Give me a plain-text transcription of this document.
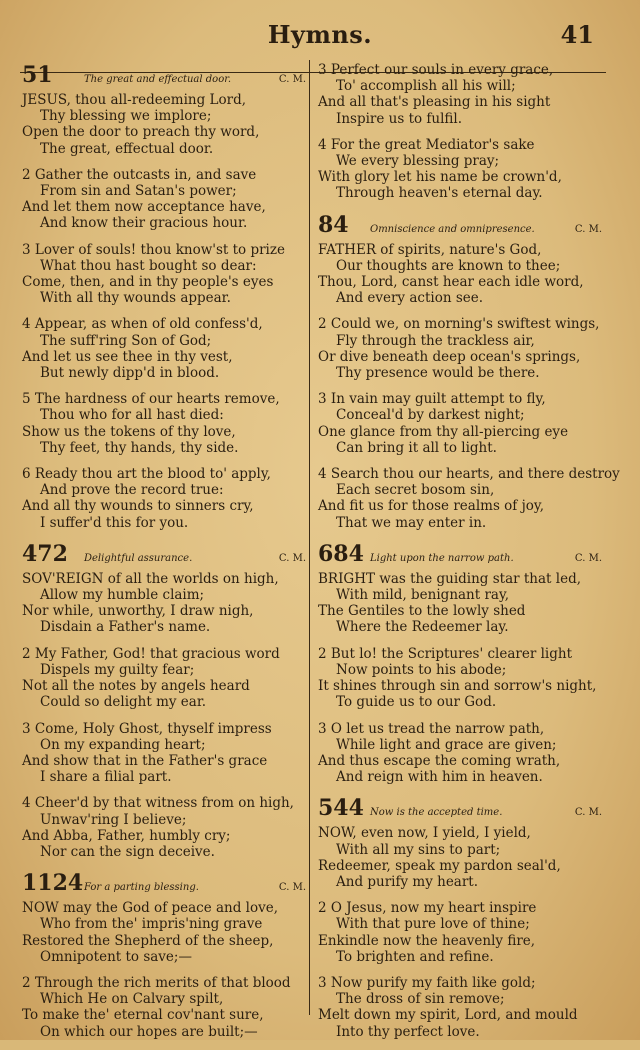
Hymns.	41
51	The great and effectual door.	C. M.
JESUS, thou all-redeeming Lord,
Thy blessing we implore;
Open the door to preach thy word,
The great, effectual door.
2 Gather the outcasts in, and save
From sin and Satan's power;
And let them now acceptance have,
And know their gracious hour.
3 Lover of souls! thou know'st to prize
What thou hast bought so dear:
Come, then, and in thy people's eyes
With all thy wounds appear.
4 Appear, as when of old confess'd,
The suff'ring Son of God;
And let us see thee in thy vest,
But newly dipp'd in blood.
5 The hardness of our hearts remove,
Thou who for all hast died:
Show us the tokens of thy love,
Thy feet, thy hands, thy side.
6 Ready thou art the blood to' apply,
And prove the record true:
And all thy wounds to sinners cry,
I suffer'd this for you.
472	Delightful assurance.	C. M.
SOV'REIGN of all the worlds on high,
Allow my humble claim;
Nor while, unworthy, I draw nigh,
Disdain a Father's name.
2 My Father, God! that gracious word
Dispels my guilty fear;
Not all the notes by angels heard
Could so delight my ear.
3 Come, Holy Ghost, thyself impress
On my expanding heart;
And show that in the Father's grace
I share a filial part.
4 Cheer'd by that witness from on high,
Unwav'ring I believe;
And Abba, Father, humbly cry;
Nor can the sign deceive.
1124 For a parting blessing.	C. M.
NOW may the God of peace and love,
Who from the' impris'ning grave
Restored the Shepherd of the sheep,
Omnipotent to save;—
2 Through the rich merits of that blood
Which He on Calvary spilt,
To make the' eternal cov'nant sure,
On which our hopes are built;—
3 Perfect our souls in every grace,
To' accomplish all his will;
And all that's pleasing in his sight
Inspire us to fulfil.
4 For the great Mediator's sake
We every blessing pray;
With glory let his name be crown'd,
Through heaven's eternal day.
84	Omniscience and omnipresence.	C. M.
FATHER of spirits, nature's God,
Our thoughts are known to thee;
Thou, Lord, canst hear each idle word,
And every action see.
2 Could we, on morning's swiftest wings,
Fly through the trackless air,
Or dive beneath deep ocean's springs,
Thy presence would be there.
3 In vain may guilt attempt to fly,
Conceal'd by darkest night;
One glance from thy all-piercing eye
Can bring it all to light.
4 Search thou our hearts, and there destroy
Each secret bosom sin,
And fit us for those realms of joy,
That we may enter in.
684 Light upon the narrow path.	C. M.
BRIGHT was the guiding star that led,
With mild, benignant ray,
The Gentiles to the lowly shed
Where the Redeemer lay.
2 But lo! the Scriptures' clearer light
Now points to his abode;
It shines through sin and sorrow's night,
To guide us to our God.
3 O let us tread the narrow path,
While light and grace are given;
And thus escape the coming wrath,
And reign with him in heaven.
544 Now is the accepted time.	C. M.
NOW, even now, I yield, I yield,
With all my sins to part;
Redeemer, speak my pardon seal'd,
And purify my heart.
2 O Jesus, now my heart inspire
With that pure love of thine;
Enkindle now the heavenly fire,
To brighten and refine.
3 Now purify my faith like gold;
The dross of sin remove;
Melt down my spirit, Lord, and mould
Into thy perfect love.
